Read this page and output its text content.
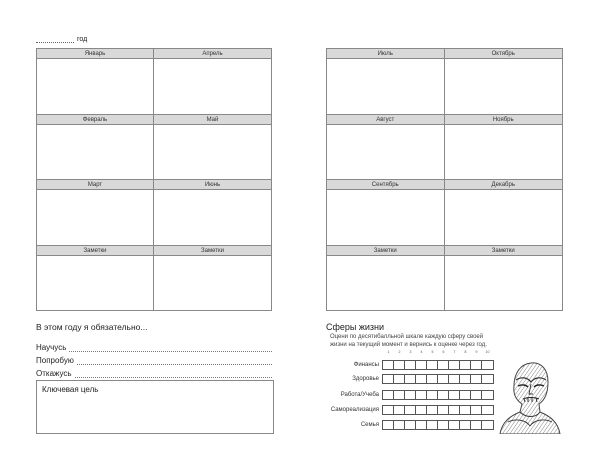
год
Январь	Апрель
Февраль	Май
Март	Июнь
Заметки	Заметки
Июль	Октябрь
Август	Ноябрь
Сентябрь	Декабрь
Заметки	Заметки
В этом году я обязательно...
Научусь
Попробую
Откажусь
Ключевая цель
Сферы жизни

Оцени по десятибалльной шкале каждую сферу своей жизни на текущий момент и вернись к оценке через год.

1	2	3	4	5	6	7	8	9	10
Финансы
Здоровье
Работа/Учеба
Самореализация
Семья
